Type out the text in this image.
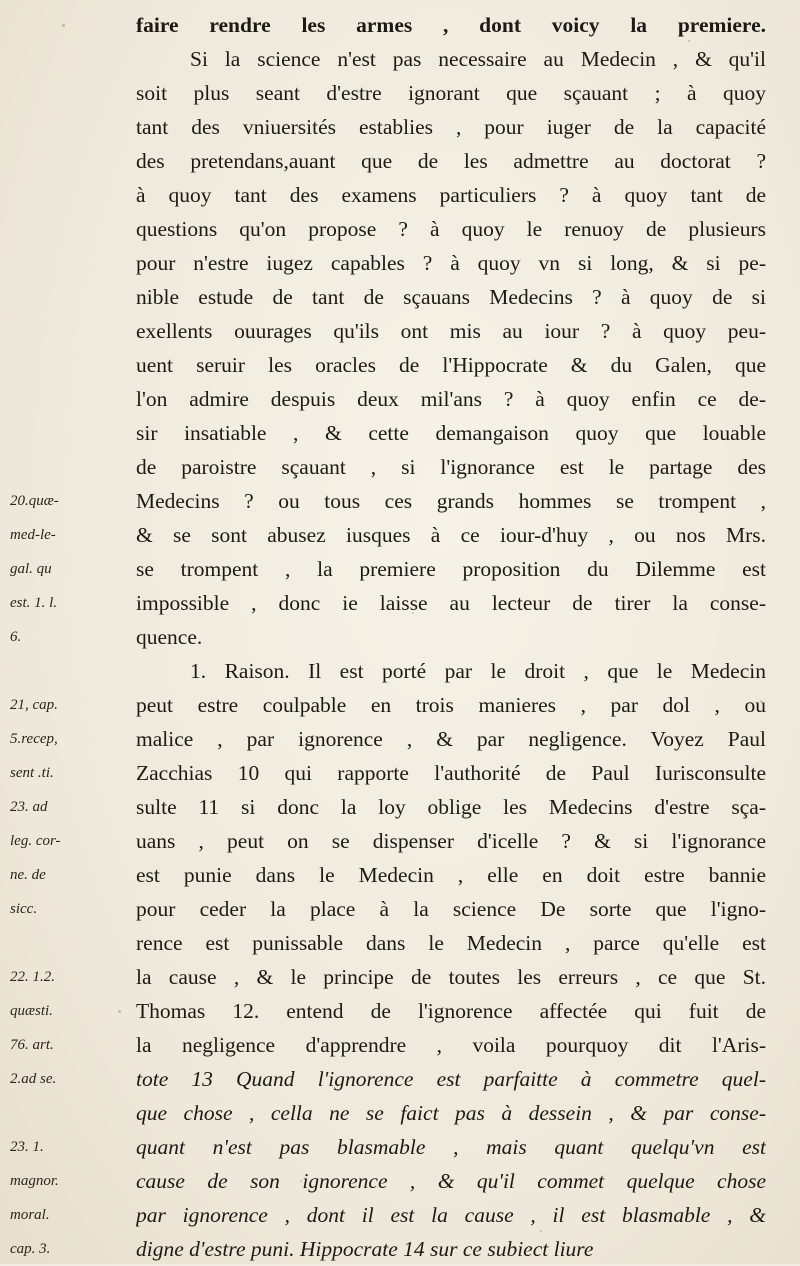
faire rendre les armes , dont voicy la premiere.
Si la science n'est pas necessaire au Medecin , & qu'il
soit plus seant d'estre ignorant que sçauant ; à quoy
tant des vniuersités establies , pour iuger de la capacité
des pretendans,auant que de les admettre au doctorat ?
à quoy tant des examens particuliers ? à quoy tant de
questions qu'on propose ? à quoy le renuoy de plusieurs
pour n'estre iugez capables ? à quoy vn si long, & si pe-
nible estude de tant de sçauans Medecins ? à quoy de si
exellents ouurages qu'ils ont mis au iour ? à quoy peu-
uent seruir les oracles de l'Hippocrate & du Galen, que
l'on admire despuis deux mil'ans ? à quoy enfin ce de-
sir insatiable , & cette demangaison quoy que louable
de paroistre sçauant , si l'ignorance est le partage des
20.quæ-	Medecins ? ou tous ces grands hommes se trompent ,
med-le-	& se sont abusez iusques à ce iour-d'huy , ou nos Mrs.
gal. qu	se trompent , la premiere proposition du Dilemme est
est. 1. l.	impossible , donc ie laisse au lecteur de tirer la conse-
6.	quence.
1. Raison. Il est porté par le droit , que le Medecin
21, cap.	peut estre coulpable en trois manieres , par dol , ou
5.recep,	malice , par ignorence , & par negligence. Voyez Paul
sent .ti.	Zacchias 10 qui rapporte l'authorité de Paul Iurisconsulte
23. ad	sulte 11 si donc la loy oblige les Medecins d'estre sça-
leg. cor-	uans , peut on se dispenser d'icelle ? & si l'ignorance
ne. de	est punie dans le Medecin , elle en doit estre bannie
sicc.	pour ceder la place à la science De sorte que l'igno-
rence est punissable dans le Medecin , parce qu'elle est
22. 1.2.	la cause , & le principe de toutes les erreurs , ce que St.
quæsti.	Thomas 12. entend de l'ignorence affectée qui fuit de
76. art.	la negligence d'apprendre , voila pourquoy dit l'Aris-
2.ad se.	tote 13 Quand l'ignorence est parfaitte à commetre quel-
que chose , cella ne se faict pas à dessein , & par conse-
23. 1.	quant n'est pas blasmable , mais quant quelqu'vn est
magnor.	cause de son ignorence , & qu'il commet quelque chose
moral.	par ignorence , dont il est la cause , il est blasmable , &
cap. 3.	digne d'estre puni. Hippocrate 14 sur ce subiect liure
